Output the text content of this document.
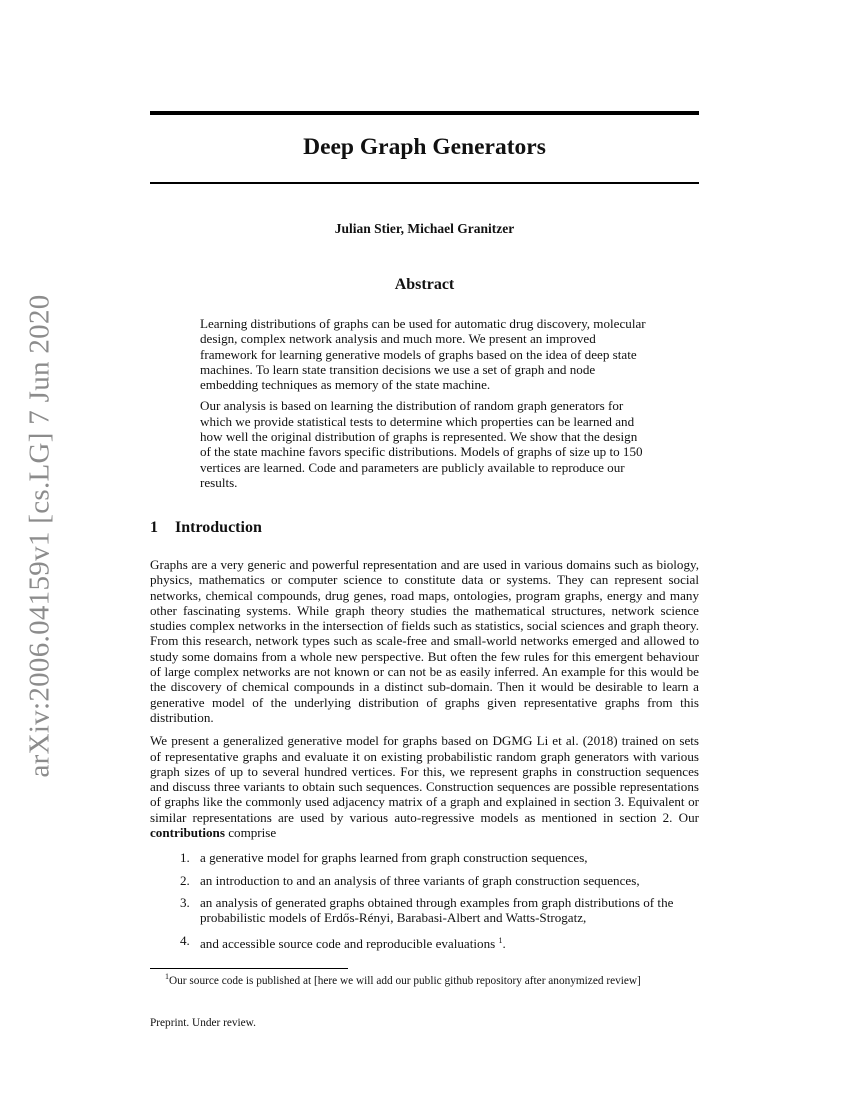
arXiv:2006.04159v1 [cs.LG] 7 Jun 2020
Deep Graph Generators
Julian Stier, Michael Granitzer
Abstract

Learning distributions of graphs can be used for automatic drug discovery, molecular design, complex network analysis and much more. We present an improved framework for learning generative models of graphs based on the idea of deep state machines. To learn state transition decisions we use a set of graph and node embedding techniques as memory of the state machine.

Our analysis is based on learning the distribution of random graph generators for which we provide statistical tests to determine which properties can be learned and how well the original distribution of graphs is represented. We show that the design of the state machine favors specific distributions. Models of graphs of size up to 150 vertices are learned. Code and parameters are publicly available to reproduce our results.

1 Introduction

Graphs are a very generic and powerful representation and are used in various domains such as biology, physics, mathematics or computer science to constitute data or systems. They can represent social networks, chemical compounds, drug genes, road maps, ontologies, program graphs, energy and many other fascinating systems. While graph theory studies the mathematical structures, network science studies complex networks in the intersection of fields such as statistics, social sciences and graph theory. From this research, network types such as scale-free and small-world networks emerged and allowed to study some domains from a whole new perspective. But often the few rules for this emergent behaviour of large complex networks are not known or can not be as easily inferred. An example for this would be the discovery of chemical compounds in a distinct sub-domain. Then it would be desirable to learn a generative model of the underlying distribution of graphs given representative graphs from this distribution.

We present a generalized generative model for graphs based on DGMG Li et al. (2018) trained on sets of representative graphs and evaluate it on existing probabilistic random graph generators with various graph sizes of up to several hundred vertices. For this, we represent graphs in construction sequences and discuss three variants to obtain such sequences. Construction sequences are possible representations of graphs like the commonly used adjacency matrix of a graph and explained in section 3. Equivalent or similar representations are used by various auto-regressive models as mentioned in section 2. Our contributions comprise

1. a generative model for graphs learned from graph construction sequences,
2. an introduction to and an analysis of three variants of graph construction sequences,
3. an analysis of generated graphs obtained through examples from graph distributions of the probabilistic models of Erdős-Rényi, Barabasi-Albert and Watts-Strogatz,
4. and accessible source code and reproducible evaluations $^1$.
$^1$Our source code is published at [here we will add our public github repository after anonymized review]
Preprint. Under review.
